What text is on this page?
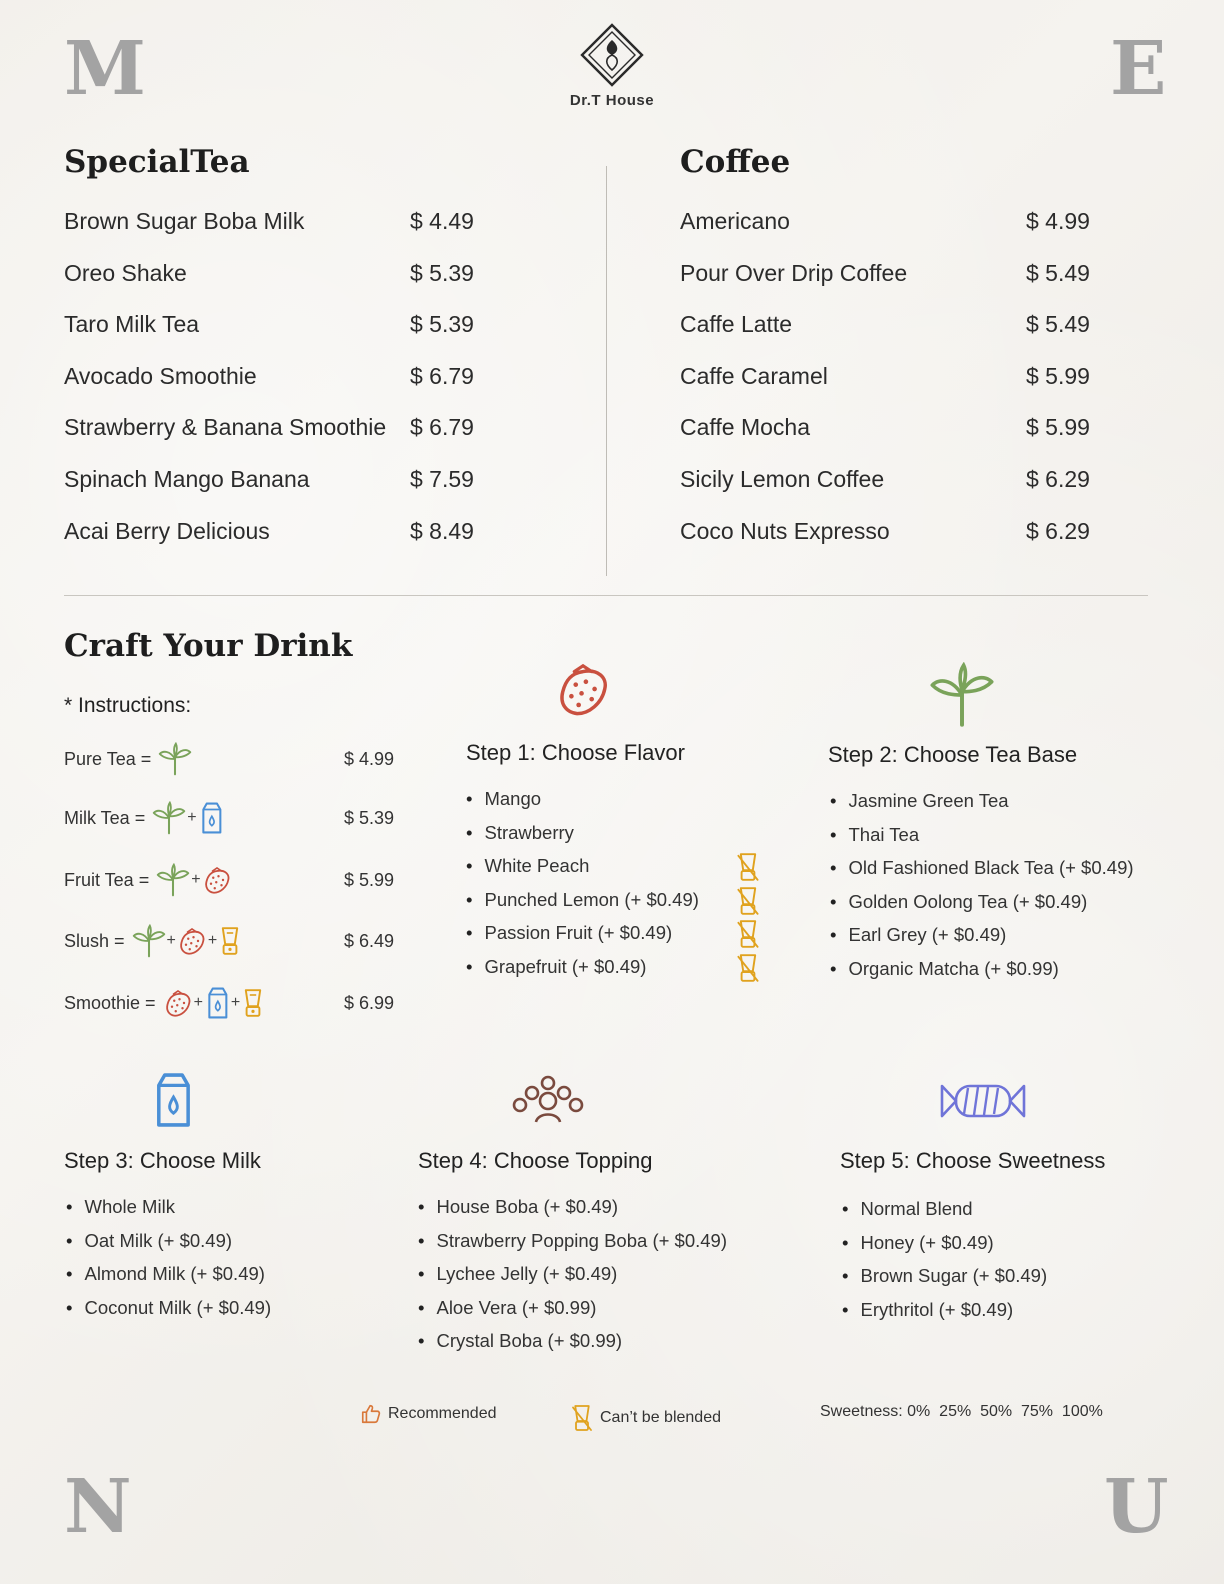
M	E
N	U
Dr.T House
SpecialTea
Brown Sugar Boba Milk	$ 4.49
Oreo Shake	$ 5.39
Taro Milk Tea	$ 5.39
Avocado Smoothie	$ 6.79
Strawberry & Banana Smoothie	$ 6.79
Spinach Mango Banana	$ 7.59
Acai Berry Delicious	$ 8.49
Coffee
Americano	$ 4.99
Pour Over Drip Coffee	$ 5.49
Caffe Latte	$ 5.49
Caffe Caramel	$ 5.99
Caffe Mocha	$ 5.99
Sicily Lemon Coffee	$ 6.29
Coco Nuts Expresso	$ 6.29
Craft Your Drink
* Instructions:
Pure Tea =	$ 4.99
Milk Tea =	+	$ 5.39
Fruit Tea =	+	$ 5.99
Slush =	+ +	$ 6.49
Smoothie = + +	$ 6.99
Step 1: Choose Flavor
• Mango
• Strawberry
• White Peach
• Punched Lemon (+ $0.49)
• Passion Fruit (+ $0.49)
• Grapefruit (+ $0.49)
Step 2: Choose Tea Base
• Jasmine Green Tea
• Thai Tea
• Old Fashioned Black Tea (+ $0.49)
• Golden Oolong Tea (+ $0.49)
• Earl Grey (+ $0.49)
• Organic Matcha (+ $0.99)
Step 3: Choose Milk
• Whole Milk
• Oat Milk (+ $0.49)
• Almond Milk (+ $0.49)
• Coconut Milk (+ $0.49)
Step 4: Choose Topping
• House Boba (+ $0.49)
• Strawberry Popping Boba (+ $0.49)
• Lychee Jelly (+ $0.49)
• Aloe Vera (+ $0.99)
• Crystal Boba (+ $0.99)
Step 5: Choose Sweetness
• Normal Blend
• Honey (+ $0.49)
• Brown Sugar (+ $0.49)
• Erythritol (+ $0.49)
Recommended	Can’t be blended	Sweetness: 0%  25%  50%  75%  100%
